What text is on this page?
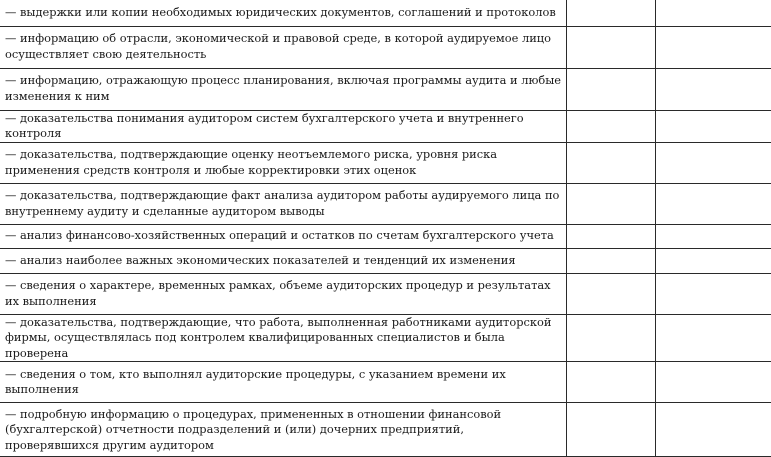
— выдержки или копии необходимых юридических документов, соглашений и протоколов		
— информацию об отрасли, экономической и правовой среде, в которой аудируемое лицо осуществляет свою деятельность		
— информацию, отражающую процесс планирования, включая программы аудита и любые изменения к ним		
— доказательства понимания аудитором систем бухгалтерского учета и внутреннего контроля		
— доказательства, подтверждающие оценку неотъемлемого риска, уровня риска применения средств контроля и любые корректировки этих оценок		
— доказательства, подтверждающие факт анализа аудитором работы аудируемого лица по внутреннему аудиту и сделанные аудитором выводы		
— анализ финансово-хозяйственных операций и остатков по счетам бухгалтерского учета		
— анализ наиболее важных экономических показателей и тенденций их изменения		
— сведения о характере, временных рамках, объеме аудиторских процедур и результатах их выполнения		
— доказательства, подтверждающие, что работа, выполненная работниками аудиторской фирмы, осуществлялась под контролем квалифицированных специалистов и была проверена		
— сведения о том, кто выполнял аудиторские процедуры, с указанием времени их выполнения		
— подробную информацию о процедурах, примененных в отношении финансовой (бухгалтерской) отчетности подразделений и (или) дочерних предприятий, проверявшихся другим аудитором		
